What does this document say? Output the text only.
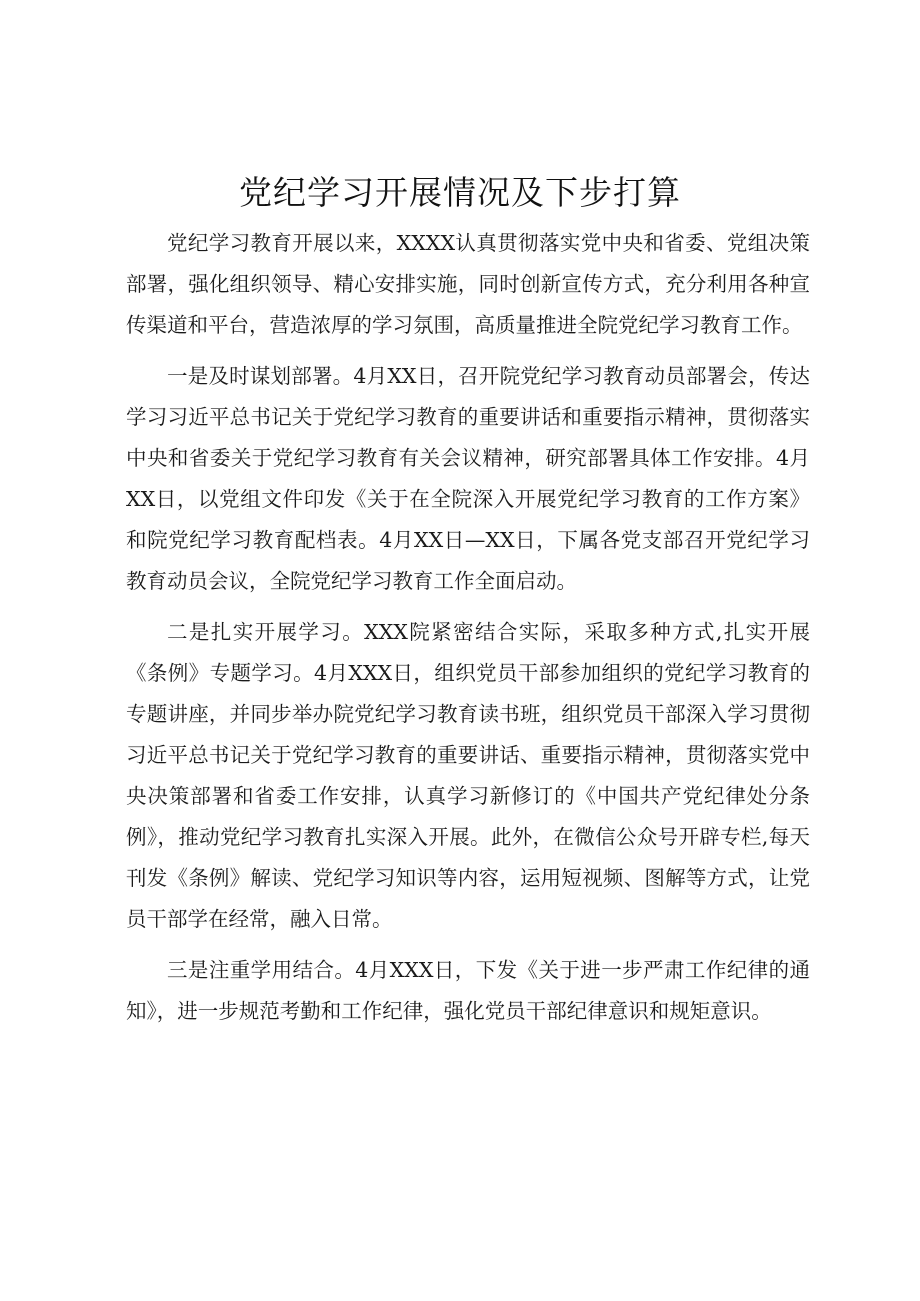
党纪学习开展情况及下步打算

党纪学习教育开展以来，XXXX认真贯彻落实党中央和省委、党组决策部署，强化组织领导、精心安排实施，同时创新宣传方式，充分利用各种宣传渠道和平台，营造浓厚的学习氛围，高质量推进全院党纪学习教育工作。

一是及时谋划部署。4月XX日，召开院党纪学习教育动员部署会，传达学习习近平总书记关于党纪学习教育的重要讲话和重要指示精神，贯彻落实中央和省委关于党纪学习教育有关会议精神，研究部署具体工作安排。4月XX日，以党组文件印发《关于在全院深入开展党纪学习教育的工作方案》和院党纪学习教育配档表。4月XX日—XX日，下属各党支部召开党纪学习教育动员会议，全院党纪学习教育工作全面启动。

二是扎实开展学习。XXX院紧密结合实际，采取多种方式,扎实开展《条例》专题学习。4月XXX日，组织党员干部参加组织的党纪学习教育的专题讲座，并同步举办院党纪学习教育读书班，组织党员干部深入学习贯彻习近平总书记关于党纪学习教育的重要讲话、重要指示精神，贯彻落实党中央决策部署和省委工作安排，认真学习新修订的《中国共产党纪律处分条例》，推动党纪学习教育扎实深入开展。此外，在微信公众号开辟专栏,每天刊发《条例》解读、党纪学习知识等内容，运用短视频、图解等方式，让党员干部学在经常，融入日常。

三是注重学用结合。4月XXX日，下发《关于进一步严肃工作纪律的通知》，进一步规范考勤和工作纪律，强化党员干部纪律意识和规矩意识。
